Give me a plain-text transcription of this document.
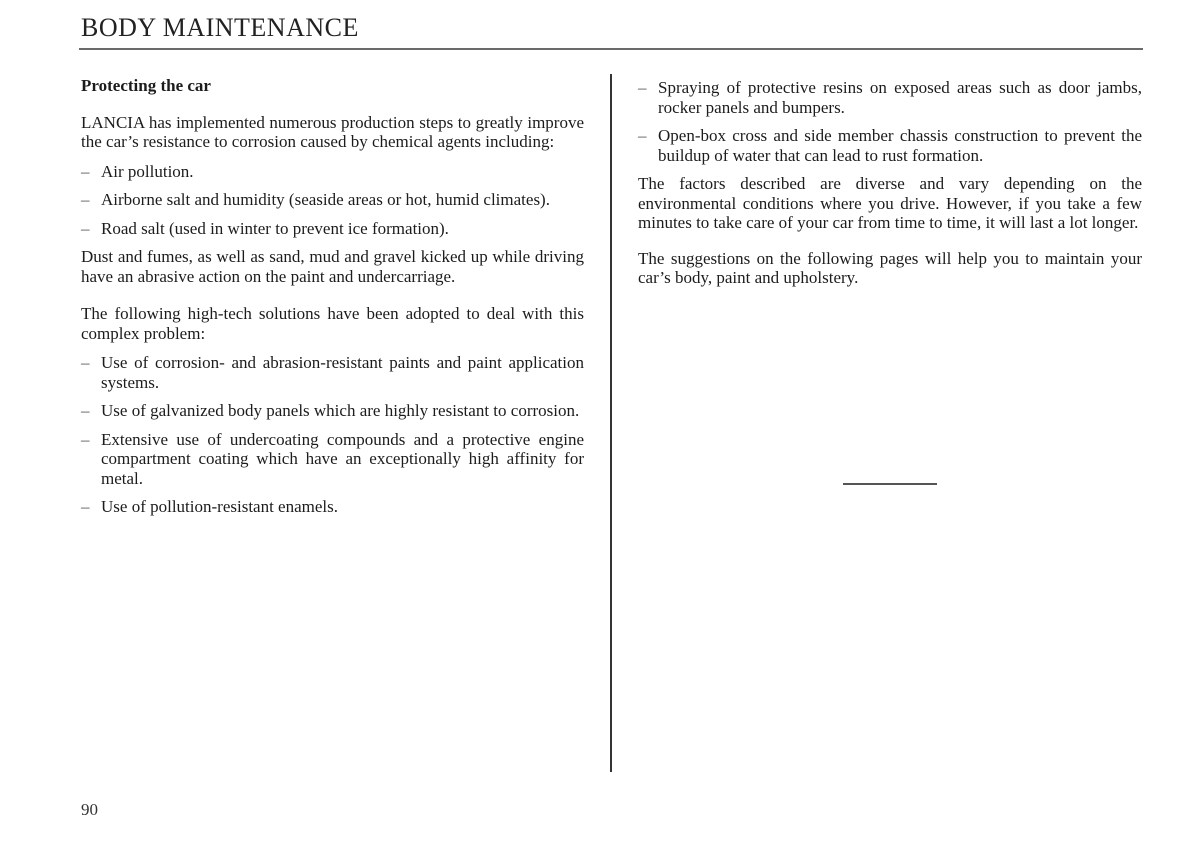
BODY MAINTENANCE
Protecting the car

LANCIA has implemented numerous production steps to greatly improve the car’s resistance to corrosion caused by chemical agents including:

– Air pollution.
– Airborne salt and humidity (seaside areas or hot, humid climates).
– Road salt (used in winter to prevent ice formation).

Dust and fumes, as well as sand, mud and gravel kicked up while driving have an abrasive action on the paint and undercarriage.

The following high-tech solutions have been adopted to deal with this complex problem:

– Use of corrosion- and abrasion-resistant paints and paint application systems.
– Use of galvanized body panels which are highly resistant to corrosion.
– Extensive use of undercoating compounds and a protective engine compartment coating which have an exceptionally high affinity for metal.
– Use of pollution-resistant enamels.
– Spraying of protective resins on exposed areas such as door jambs, rocker panels and bumpers.
– Open-box cross and side member chassis construction to prevent the buildup of water that can lead to rust formation.

The factors described are diverse and vary depending on the environmental conditions where you drive. However, if you take a few minutes to take care of your car from time to time, it will last a lot longer.

The suggestions on the following pages will help you to maintain your car’s body, paint and upholstery.

90
